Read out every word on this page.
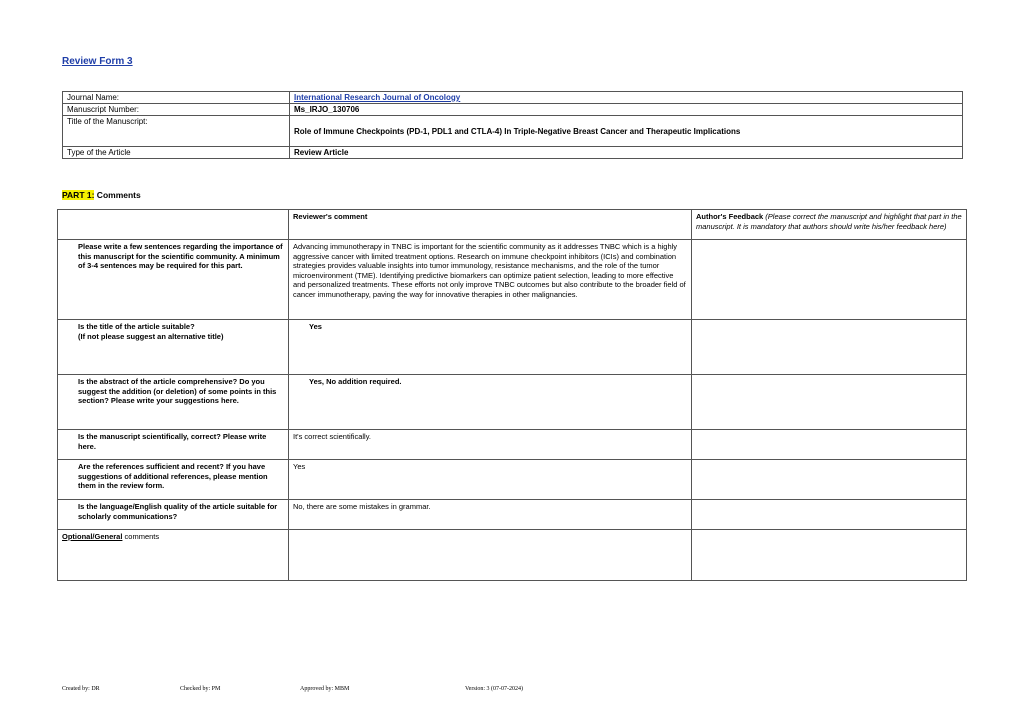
Review Form 3
Journal Name:	International Research Journal of Oncology
Manuscript Number:	Ms_IRJO_130706
Title of the Manuscript:	Role of Immune Checkpoints (PD-1, PDL1 and CTLA-4) In Triple-Negative Breast Cancer and Therapeutic Implications
Type of the Article	Review Article
PART 1: Comments
	Reviewer's comment	Author's Feedback (Please correct the manuscript and highlight that part in the manuscript. It is mandatory that authors should write his/her feedback here)
Please write a few sentences regarding the importance of this manuscript for the scientific community. A minimum of 3-4 sentences may be required for this part.	Advancing immunotherapy in TNBC is important for the scientific community as it addresses TNBC which is a highly aggressive cancer with limited treatment options. Research on immune checkpoint inhibitors (ICIs) and combination strategies provides valuable insights into tumor immunology, resistance mechanisms, and the role of the tumor microenvironment (TME). Identifying predictive biomarkers can optimize patient selection, leading to more effective and personalized treatments. These efforts not only improve TNBC outcomes but also contribute to the broader field of cancer immunotherapy, paving the way for innovative therapies in other malignancies.	
Is the title of the article suitable?
(If not please suggest an alternative title)	Yes	
Is the abstract of the article comprehensive? Do you suggest the addition (or deletion) of some points in this section? Please write your suggestions here.	Yes, No addition required.	
Is the manuscript scientifically, correct? Please write here.	It's correct scientifically.	
Are the references sufficient and recent? If you have suggestions of additional references, please mention them in the review form.	Yes	
Is the language/English quality of the article suitable for scholarly communications?	No, there are some mistakes in grammar.	
Optional/General comments		
Created by: DR	Checked by: PM	Approved by: MBM	Version: 3 (07-07-2024)
